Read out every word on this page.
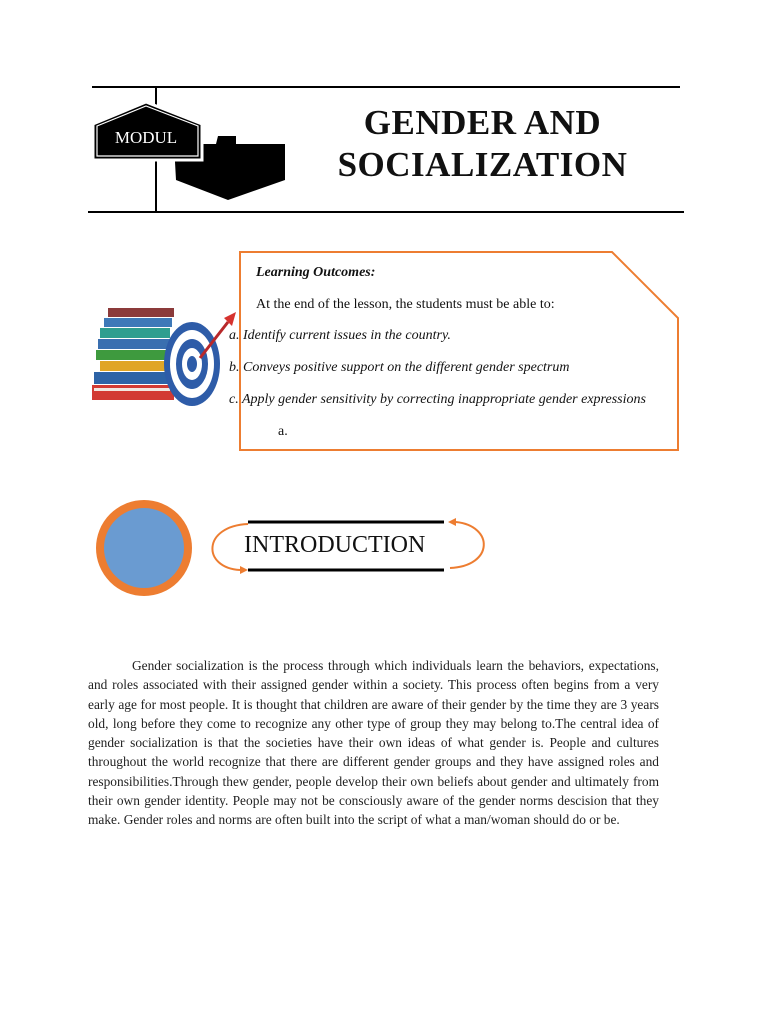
MODUL	GENDER AND
SOCIALIZATION
Learning Outcomes:
At the end of the lesson, the students must be able to:
a. Identify current issues in the country.
b. Conveys positive support on the different gender spectrum
c. Apply gender sensitivity by correcting inappropriate gender expressions
a.
INTRODUCTION
Gender socialization is the process through which individuals learn the behaviors, expectations, and roles associated with their assigned gender within a society. This process often begins from a very early age for most people. It is thought that children are aware of their gender by the time they are 3 years old, long before they come to recognize any other type of group they may belong to.The central idea of gender socialization is that the societies have their own ideas of what gender is. People and cultures throughout the world recognize that there are different gender groups and they have assigned roles and responsibilities.Through thew gender, people develop their own beliefs about gender and ultimately from their own gender identity. People may not be consciously aware of the gender norms descision that they make. Gender roles and norms are often built into the script of what a man/woman should do or be.
